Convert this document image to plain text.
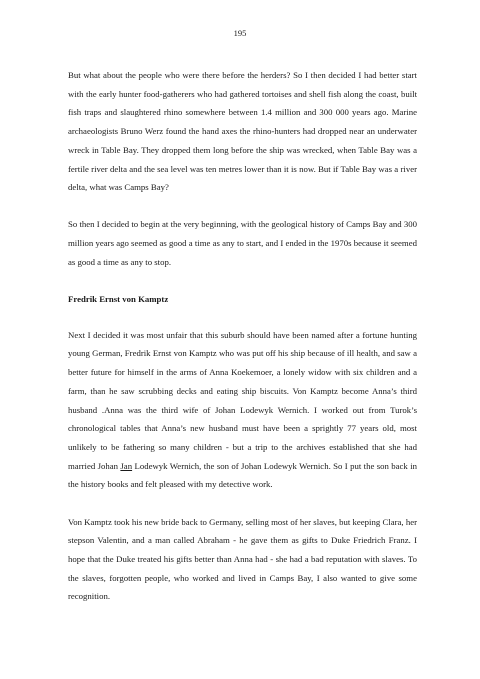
195

But what about the people who were there before the herders? So I then decided I had better start with the early hunter food-gatherers who had gathered tortoises and shell fish along the coast, built fish traps and slaughtered rhino somewhere between 1.4 million and 300 000 years ago. Marine archaeologists Bruno Werz found the hand axes the rhino-hunters had dropped near an underwater wreck in Table Bay. They dropped them long before the ship was wrecked, when Table Bay was a fertile river delta and the sea level was ten metres lower than it is now. But if Table Bay was a river delta, what was Camps Bay?

So then I decided to begin at the very beginning, with the geological history of Camps Bay and 300 million years ago seemed as good a time as any to start, and I ended in the 1970s because it seemed as good a time as any to stop.

Fredrik Ernst von Kamptz

Next I decided it was most unfair that this suburb should have been named after a fortune hunting young German, Fredrik Ernst von Kamptz who was put off his ship because of ill health, and saw a better future for himself in the arms of Anna Koekemoer, a lonely widow with six children and a farm, than he saw scrubbing decks and eating ship biscuits. Von Kamptz become Anna’s third husband .Anna was the third wife of Johan Lodewyk Wernich. I worked out from Turok’s chronological tables that Anna’s new husband must have been a sprightly 77 years old, most unlikely to be fathering so many children - but a trip to the archives established that she had married Johan Jan Lodewyk Wernich, the son of Johan Lodewyk Wernich. So I put the son back in the history books and felt pleased with my detective work.

Von Kamptz took his new bride back to Germany, selling most of her slaves, but keeping Clara, her stepson Valentin, and a man called Abraham - he gave them as gifts to Duke Friedrich Franz. I hope that the Duke treated his gifts better than Anna had - she had a bad reputation with slaves. To the slaves, forgotten people, who worked and lived in Camps Bay, I also wanted to give some recognition.
